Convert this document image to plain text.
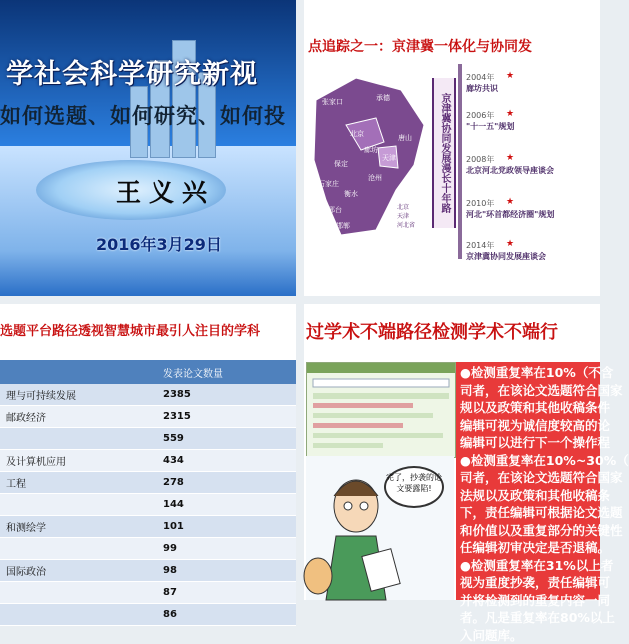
学社会科学研究新视
如何选题、如何研究、如何投
王义兴
2016年3月29日
点追踪之一：京津冀一体化与协同发
张家口	承德
北京
廊坊
天津
唐山
保定
沧州
石家庄
衡水
邢台
邯郸
北京
天津
河北省
京津冀协同发展漫长十年路
2004年	★
廊坊共识
2006年	★
"十一五"规划
2008年	★
北京河北党政领导座谈会
2010年	★
河北"环首都经济圈"规划
2014年	★
京津冀协同发展座谈会
选题平台路径透视智慧城市最引人注目的学科
	发表论文数量
理与可持续发展	2385
邮政经济	2315
	559
及计算机应用	434
工程	278
	144
和测绘学	101
	99
国际政治	98
	87
	86
过学术不端路径检测学术不端行
完了，抄袭的论文要露陷!
●检测重复率在10%（不含
司者，在该论文选题符合国家
规以及政策和其他收稿条件
编辑可视为诚信度较高的论
编辑可以进行下一个操作程
●检测重复率在10%~30%（
司者，在该论文选题符合国家
法规以及政策和其他收稿条
下，责任编辑可根据论文选题
和价值以及重复部分的关键性
任编辑初审决定是否退稿。
●检测重复率在31%以上者
视为重度抄袭，责任编辑可
并将检测到的重复内容一同
者。凡是重复率在80%以上
入问题库。
